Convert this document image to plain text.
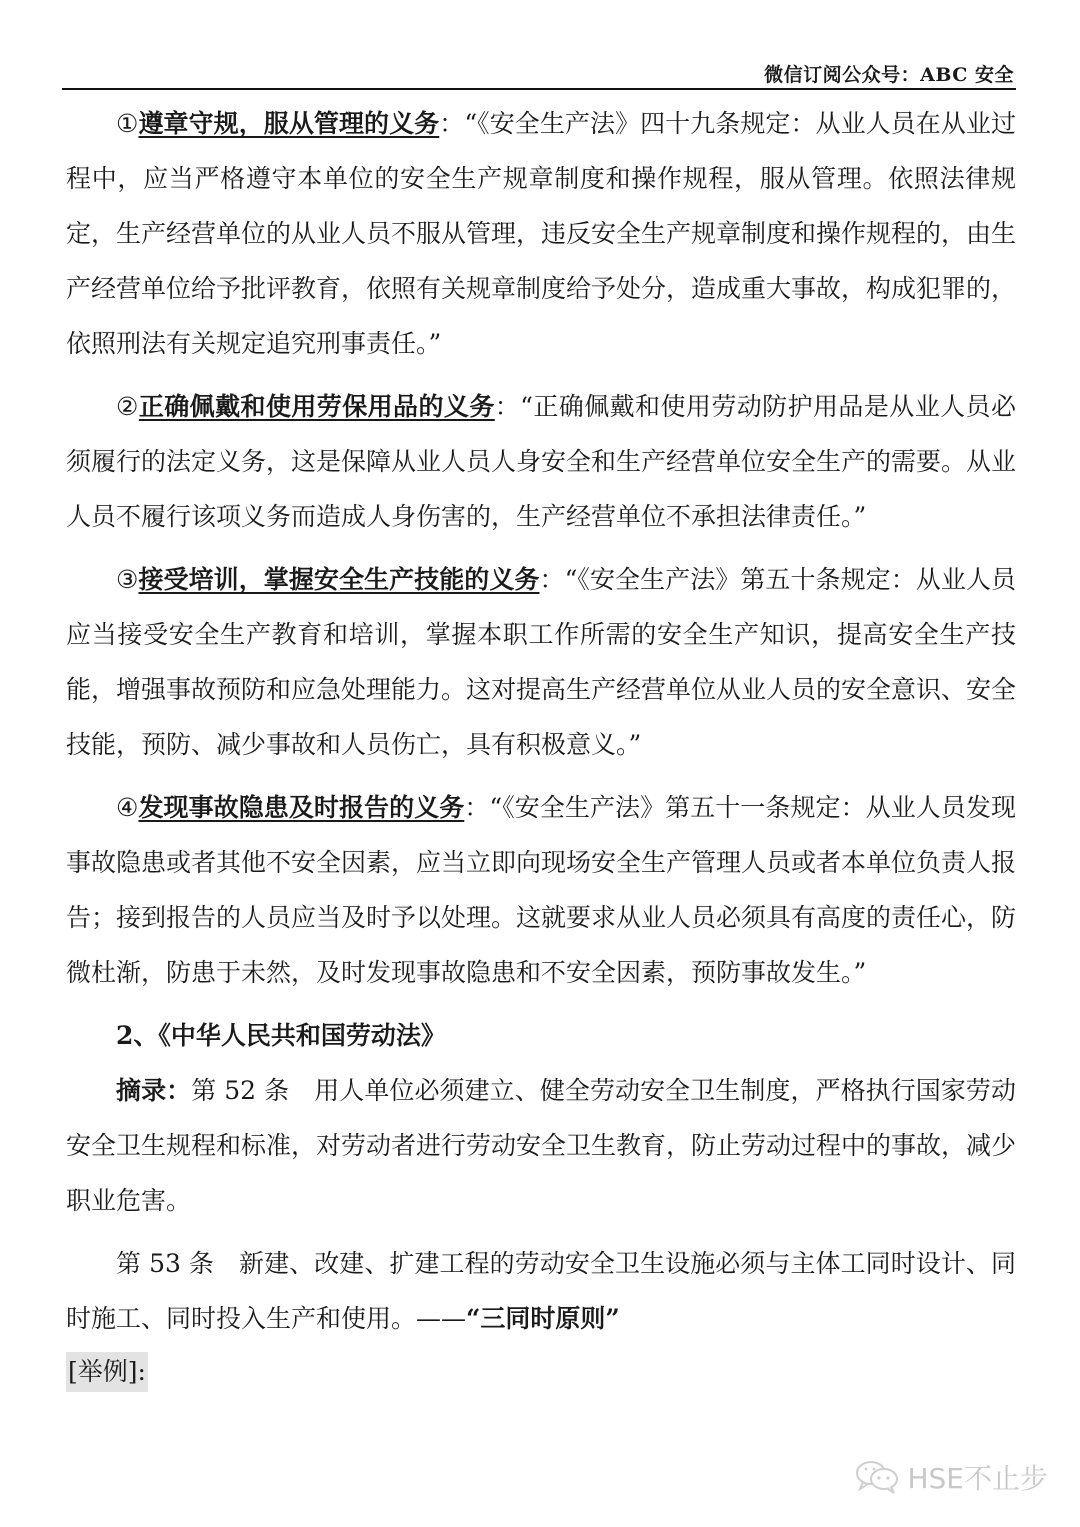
微信订阅公众号：ABC 安全

①遵章守规，服从管理的义务：“《安全生产法》四十九条规定：从业人员在从业过程中，应当严格遵守本单位的安全生产规章制度和操作规程，服从管理。依照法律规定，生产经营单位的从业人员不服从管理，违反安全生产规章制度和操作规程的，由生产经营单位给予批评教育，依照有关规章制度给予处分，造成重大事故，构成犯罪的，依照刑法有关规定追究刑事责任。”

②正确佩戴和使用劳保用品的义务：“正确佩戴和使用劳动防护用品是从业人员必须履行的法定义务，这是保障从业人员人身安全和生产经营单位安全生产的需要。从业人员不履行该项义务而造成人身伤害的，生产经营单位不承担法律责任。”

③接受培训，掌握安全生产技能的义务：“《安全生产法》第五十条规定：从业人员应当接受安全生产教育和培训，掌握本职工作所需的安全生产知识，提高安全生产技能，增强事故预防和应急处理能力。这对提高生产经营单位从业人员的安全意识、安全技能，预防、减少事故和人员伤亡，具有积极意义。”

④发现事故隐患及时报告的义务：“《安全生产法》第五十一条规定：从业人员发现事故隐患或者其他不安全因素，应当立即向现场安全生产管理人员或者本单位负责人报告；接到报告的人员应当及时予以处理。这就要求从业人员必须具有高度的责任心，防微杜渐，防患于未然，及时发现事故隐患和不安全因素，预防事故发生。”

2、《中华人民共和国劳动法》

摘录：第 52 条　用人单位必须建立、健全劳动安全卫生制度，严格执行国家劳动安全卫生规程和标准，对劳动者进行劳动安全卫生教育，防止劳动过程中的事故，减少职业危害。

第 53 条　新建、改建、扩建工程的劳动安全卫生设施必须与主体工同时设计、同时施工、同时投入生产和使用。——“三同时原则”

[举例]:
HSE不止步
